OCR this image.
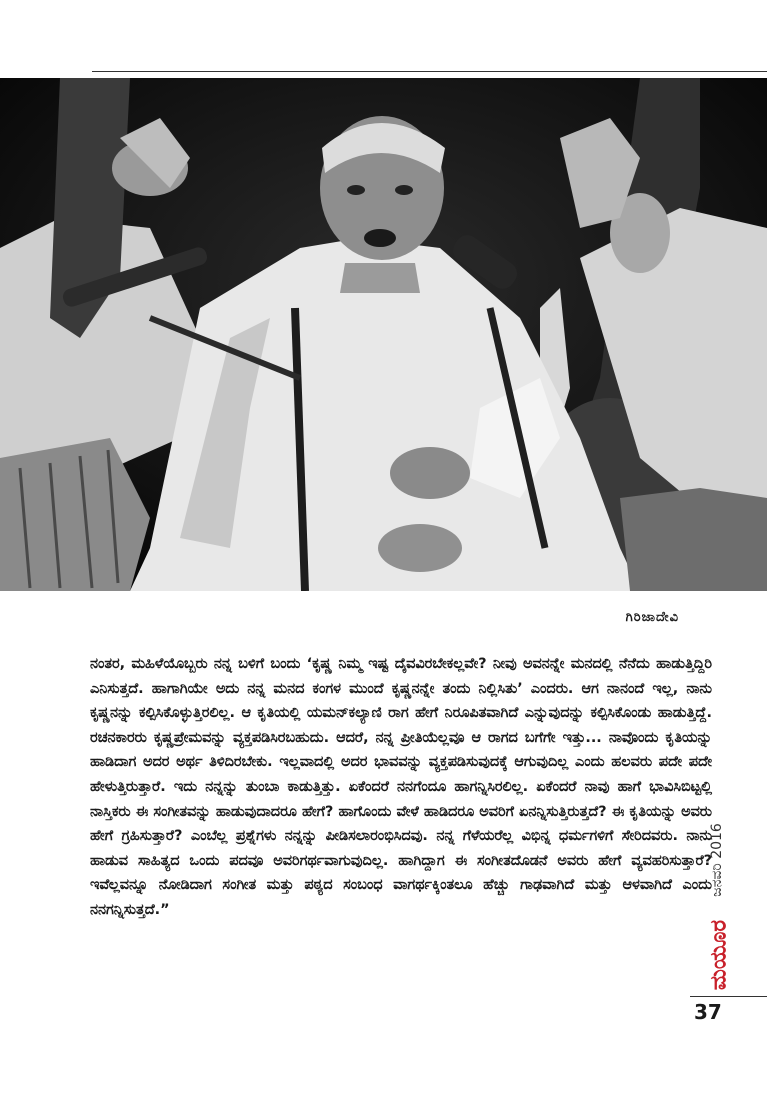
ಗಿರಿಜಾದೇವಿ

ನಂತರ, ಮಹಿಳೆಯೊಬ್ಬರು ನನ್ನ ಬಳಿಗೆ ಬಂದು ‘ಕೃಷ್ಣ ನಿಮ್ಮ ಇಷ್ಟ ದೈವವಿರಬೇಕಲ್ಲವೇ? ನೀವು ಅವನನ್ನೇ ಮನದಲ್ಲಿ ನೆನೆದು ಹಾಡುತ್ತಿದ್ದಿರಿ ಎನಿಸುತ್ತದೆ. ಹಾಗಾಗಿಯೇ ಅದು ನನ್ನ ಮನದ ಕಂಗಳ ಮುಂದೆ ಕೃಷ್ಣನನ್ನೇ ತಂದು ನಿಲ್ಲಿಸಿತು’ ಎಂದರು. ಆಗ ನಾನಂದೆ ಇಲ್ಲ, ನಾನು ಕೃಷ್ಣನನ್ನು ಕಲ್ಪಿಸಿಕೊಳ್ಳುತ್ತಿರಲಿಲ್ಲ. ಆ ಕೃತಿಯಲ್ಲಿ ಯಮನ್‌ಕಲ್ಯಾಣಿ ರಾಗ ಹೇಗೆ ನಿರೂಪಿತವಾಗಿದೆ ಎನ್ನುವುದನ್ನು ಕಲ್ಪಿಸಿಕೊಂಡು ಹಾಡುತ್ತಿದ್ದೆ. ರಚನಕಾರರು ಕೃಷ್ಣಪ್ರೇಮವನ್ನು ವ್ಯಕ್ತಪಡಿಸಿರಬಹುದು. ಆದರೆ, ನನ್ನ ಪ್ರೀತಿಯೆಲ್ಲವೂ ಆ ರಾಗದ ಬಗೆಗೇ ಇತ್ತು... ನಾವೊಂದು ಕೃತಿಯನ್ನು ಹಾಡಿದಾಗ ಅದರ ಅರ್ಥ ತಿಳಿದಿರಬೇಕು. ಇಲ್ಲವಾದಲ್ಲಿ ಅದರ ಭಾವವನ್ನು ವ್ಯಕ್ತಪಡಿಸುವುದಕ್ಕೆ ಆಗುವುದಿಲ್ಲ ಎಂದು ಹಲವರು ಪದೇ ಪದೇ ಹೇಳುತ್ತಿರುತ್ತಾರೆ. ಇದು ನನ್ನನ್ನು ತುಂಬಾ ಕಾಡುತ್ತಿತ್ತು. ಏಕೆಂದರೆ ನನಗೆಂದೂ ಹಾಗನ್ನಿಸಿರಲಿಲ್ಲ. ಏಕೆಂದರೆ ನಾವು ಹಾಗೆ ಭಾವಿಸಿಬಿಟ್ಟಲ್ಲಿ ನಾಸ್ತಿಕರು ಈ ಸಂಗೀತವನ್ನು ಹಾಡುವುದಾದರೂ ಹೇಗೆ? ಹಾಗೊಂದು ವೇಳೆ ಹಾಡಿದರೂ ಅವರಿಗೆ ಏನನ್ನಿಸುತ್ತಿರುತ್ತದೆ? ಈ ಕೃತಿಯನ್ನು ಅವರು ಹೇಗೆ ಗ್ರಹಿಸುತ್ತಾರೆ? ಎಂಬೆಲ್ಲ ಪ್ರಶ್ನೆಗಳು ನನ್ನನ್ನು ಪೀಡಿಸಲಾರಂಭಿಸಿದವು. ನನ್ನ ಗೆಳೆಯರೆಲ್ಲ ವಿಭಿನ್ನ ಧರ್ಮಗಳಿಗೆ ಸೇರಿದವರು. ನಾನು ಹಾಡುವ ಸಾಹಿತ್ಯದ ಒಂದು ಪದವೂ ಅವರಿಗರ್ಥವಾಗುವುದಿಲ್ಲ. ಹಾಗಿದ್ದಾಗ ಈ ಸಂಗೀತದೊಡನೆ ಅವರು ಹೇಗೆ ವ್ಯವಹರಿಸುತ್ತಾರೆ? ಇವೆಲ್ಲವನ್ನೂ ನೋಡಿದಾಗ ಸಂಗೀತ ಮತ್ತು ಪಠ್ಯದ ಸಂಬಂಧ ವಾಗರ್ಥಕ್ಕಿಂತಲೂ ಹೆಚ್ಚು ಗಾಢವಾಗಿದೆ ಮತ್ತು ಆಳವಾಗಿದೆ ಎಂದು ನನಗನ್ನಿಸುತ್ತದೆ.”

ಜನವರಿ 2016
ಮಯೂರ
37
